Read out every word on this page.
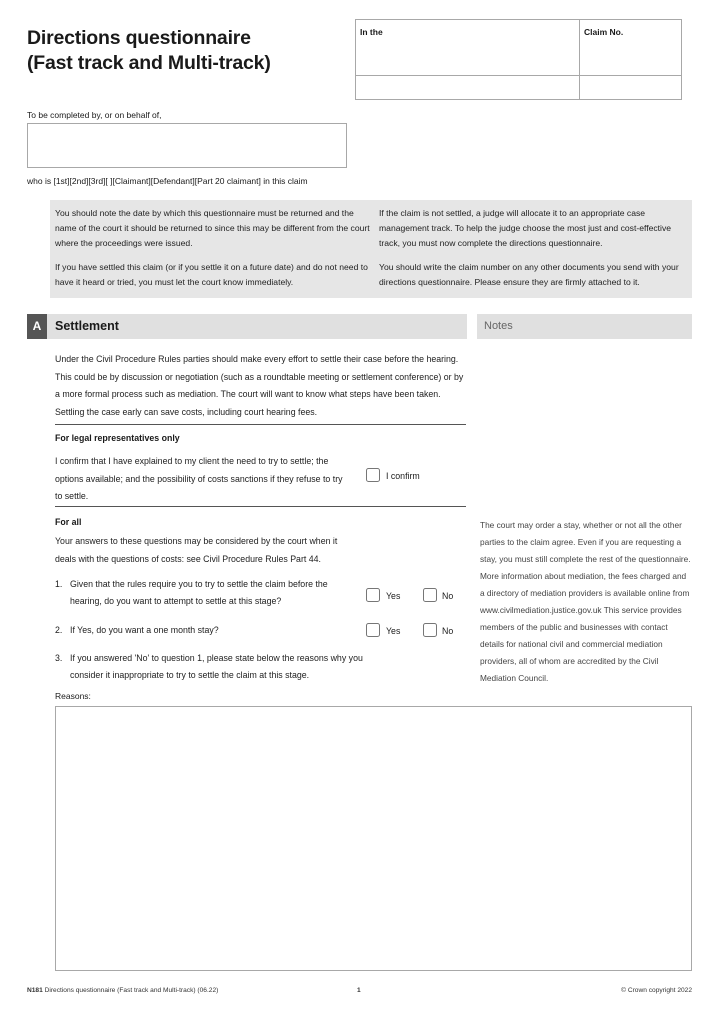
Directions questionnaire
(Fast track and Multi-track)
In the	Claim No.
To be completed by, or on behalf of,
who is [1st][2nd][3rd][ ][Claimant][Defendant][Part 20 claimant] in this claim

You should note the date by which this questionnaire must be returned and the name of the court it should be returned to since this may be different from the court where the proceedings were issued.

If you have settled this claim (or if you settle it on a future date) and do not need to have it heard or tried, you must let the court know immediately.

If the claim is not settled, a judge will allocate it to an appropriate case management track. To help the judge choose the most just and cost-effective track, you must now complete the directions questionnaire.

You should write the claim number on any other documents you send with your directions questionnaire. Please ensure they are firmly attached to it.

A	Settlement	Notes
Under the Civil Procedure Rules parties should make every effort to settle their case before the hearing. This could be by discussion or negotiation (such as a roundtable meeting or settlement conference) or by a more formal process such as mediation. The court will want to know what steps have been taken. Settling the case early can save costs, including court hearing fees.
For legal representatives only
I confirm that I have explained to my client the need to try to settle; the options available; and the possibility of costs sanctions if they refuse to try to settle.
I confirm
For all
Your answers to these questions may be considered by the court when it deals with the questions of costs: see Civil Procedure Rules Part 44.
1. Given that the rules require you to try to settle the claim before the hearing, do you want to attempt to settle at this stage?	Yes	No
2. If Yes, do you want a one month stay?	Yes	No
3. If you answered 'No' to question 1, please state below the reasons why you consider it inappropriate to try to settle the claim at this stage.
Reasons:
The court may order a stay, whether or not all the other parties to the claim agree. Even if you are requesting a stay, you must still complete the rest of the questionnaire. More information about mediation, the fees charged and a directory of mediation providers is available online from www.civilmediation.justice.gov.uk This service provides members of the public and businesses with contact details for national civil and commercial mediation providers, all of whom are accredited by the Civil Mediation Council.
N181 Directions questionnaire (Fast track and Multi-track) (06.22)	1	© Crown copyright 2022
